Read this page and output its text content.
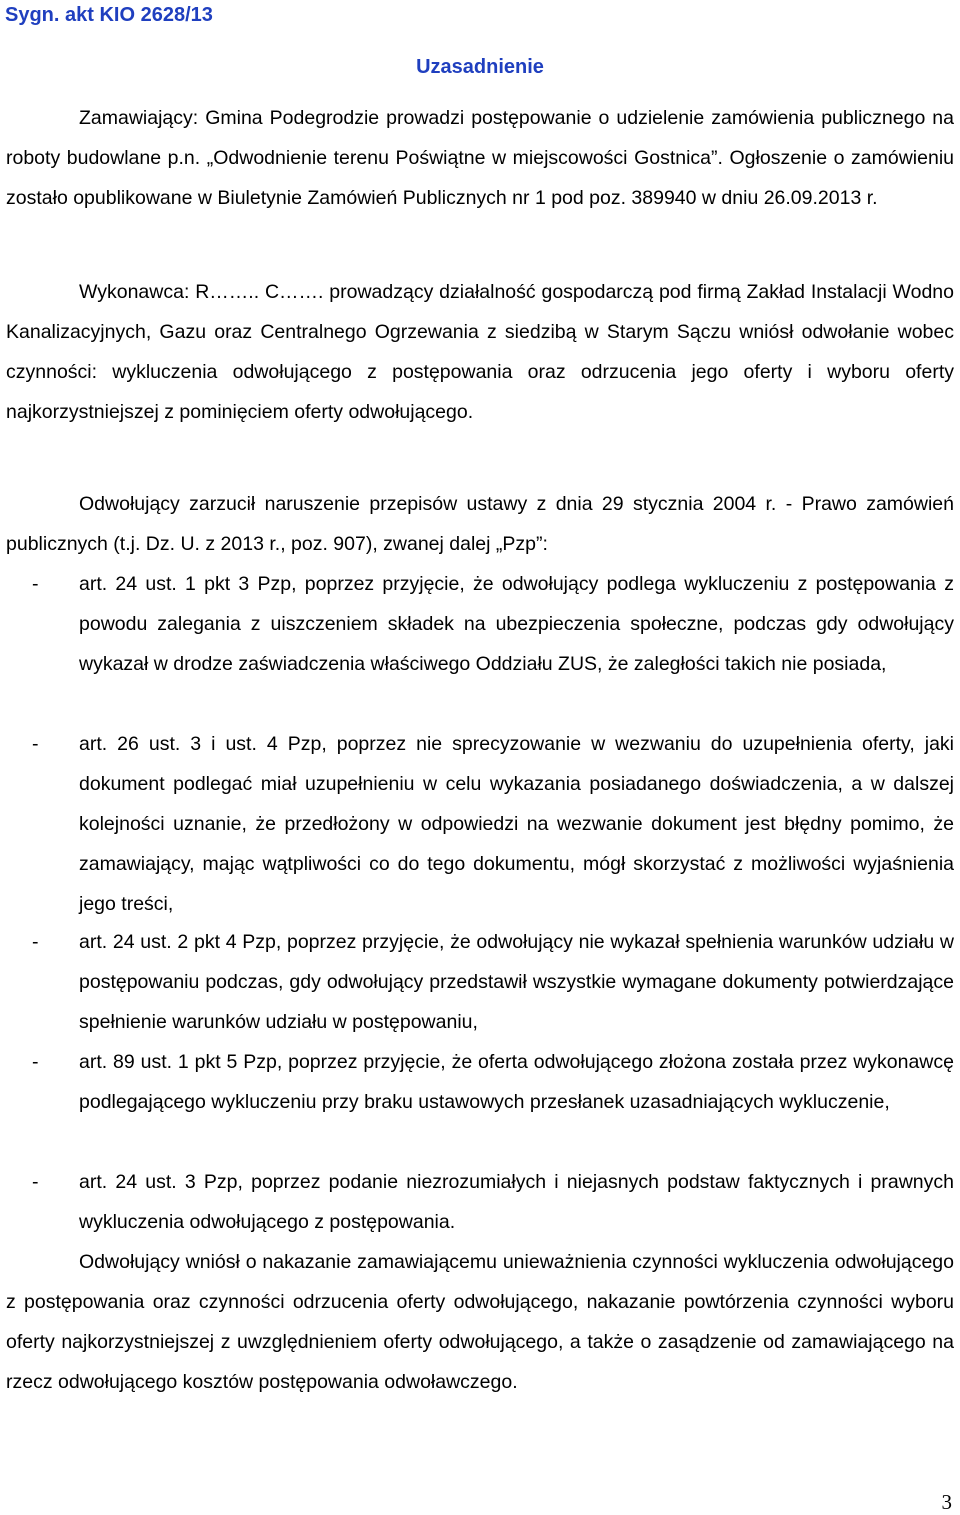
Sygn. akt KIO 2628/13
Uzasadnienie
Zamawiający: Gmina Podegrodzie prowadzi postępowanie o udzielenie zamówienia publicznego na roboty budowlane p.n. „Odwodnienie terenu Poświątne w miejscowości Gostnica”. Ogłoszenie o zamówieniu zostało opublikowane w Biuletynie Zamówień Publicznych nr 1 pod poz. 389940 w dniu 26.09.2013 r.
Wykonawca: R…….. C……. prowadzący działalność gospodarczą pod firmą Zakład Instalacji Wodno Kanalizacyjnych, Gazu oraz Centralnego Ogrzewania z siedzibą w Starym Sączu wniósł odwołanie wobec czynności: wykluczenia odwołującego z postępowania oraz odrzucenia jego oferty i wyboru oferty najkorzystniejszej z pominięciem oferty odwołującego.
Odwołujący zarzucił naruszenie przepisów ustawy z dnia 29 stycznia 2004 r. - Prawo zamówień publicznych (t.j. Dz. U. z 2013 r., poz. 907), zwanej dalej „Pzp”:
- art. 24 ust. 1 pkt 3 Pzp, poprzez przyjęcie, że odwołujący podlega wykluczeniu z postępowania z powodu zalegania z uiszczeniem składek na ubezpieczenia społeczne, podczas gdy odwołujący wykazał w drodze zaświadczenia właściwego Oddziału ZUS, że zaległości takich nie posiada,
- art. 26 ust. 3 i ust. 4 Pzp, poprzez nie sprecyzowanie w wezwaniu do uzupełnienia oferty, jaki dokument podlegać miał uzupełnieniu w celu wykazania posiadanego doświadczenia, a w dalszej kolejności uznanie, że przedłożony w odpowiedzi na wezwanie dokument jest błędny pomimo, że zamawiający, mając wątpliwości co do tego dokumentu, mógł skorzystać z możliwości wyjaśnienia jego treści,
- art. 24 ust. 2 pkt 4 Pzp, poprzez przyjęcie, że odwołujący nie wykazał spełnienia warunków udziału w postępowaniu podczas, gdy odwołujący przedstawił wszystkie wymagane dokumenty potwierdzające spełnienie warunków udziału w postępowaniu,
- art. 89 ust. 1 pkt 5 Pzp, poprzez przyjęcie, że oferta odwołującego złożona została przez wykonawcę podlegającego wykluczeniu przy braku ustawowych przesłanek uzasadniających wykluczenie,
- art. 24 ust. 3 Pzp, poprzez podanie niezrozumiałych i niejasnych podstaw faktycznych i prawnych wykluczenia odwołującego z postępowania.
Odwołujący wniósł o nakazanie zamawiającemu unieważnienia czynności wykluczenia odwołującego z postępowania oraz czynności odrzucenia oferty odwołującego, nakazanie powtórzenia czynności wyboru oferty najkorzystniejszej z uwzględnieniem oferty odwołującego, a także o zasądzenie od zamawiającego na rzecz odwołującego kosztów postępowania odwoławczego.
3
